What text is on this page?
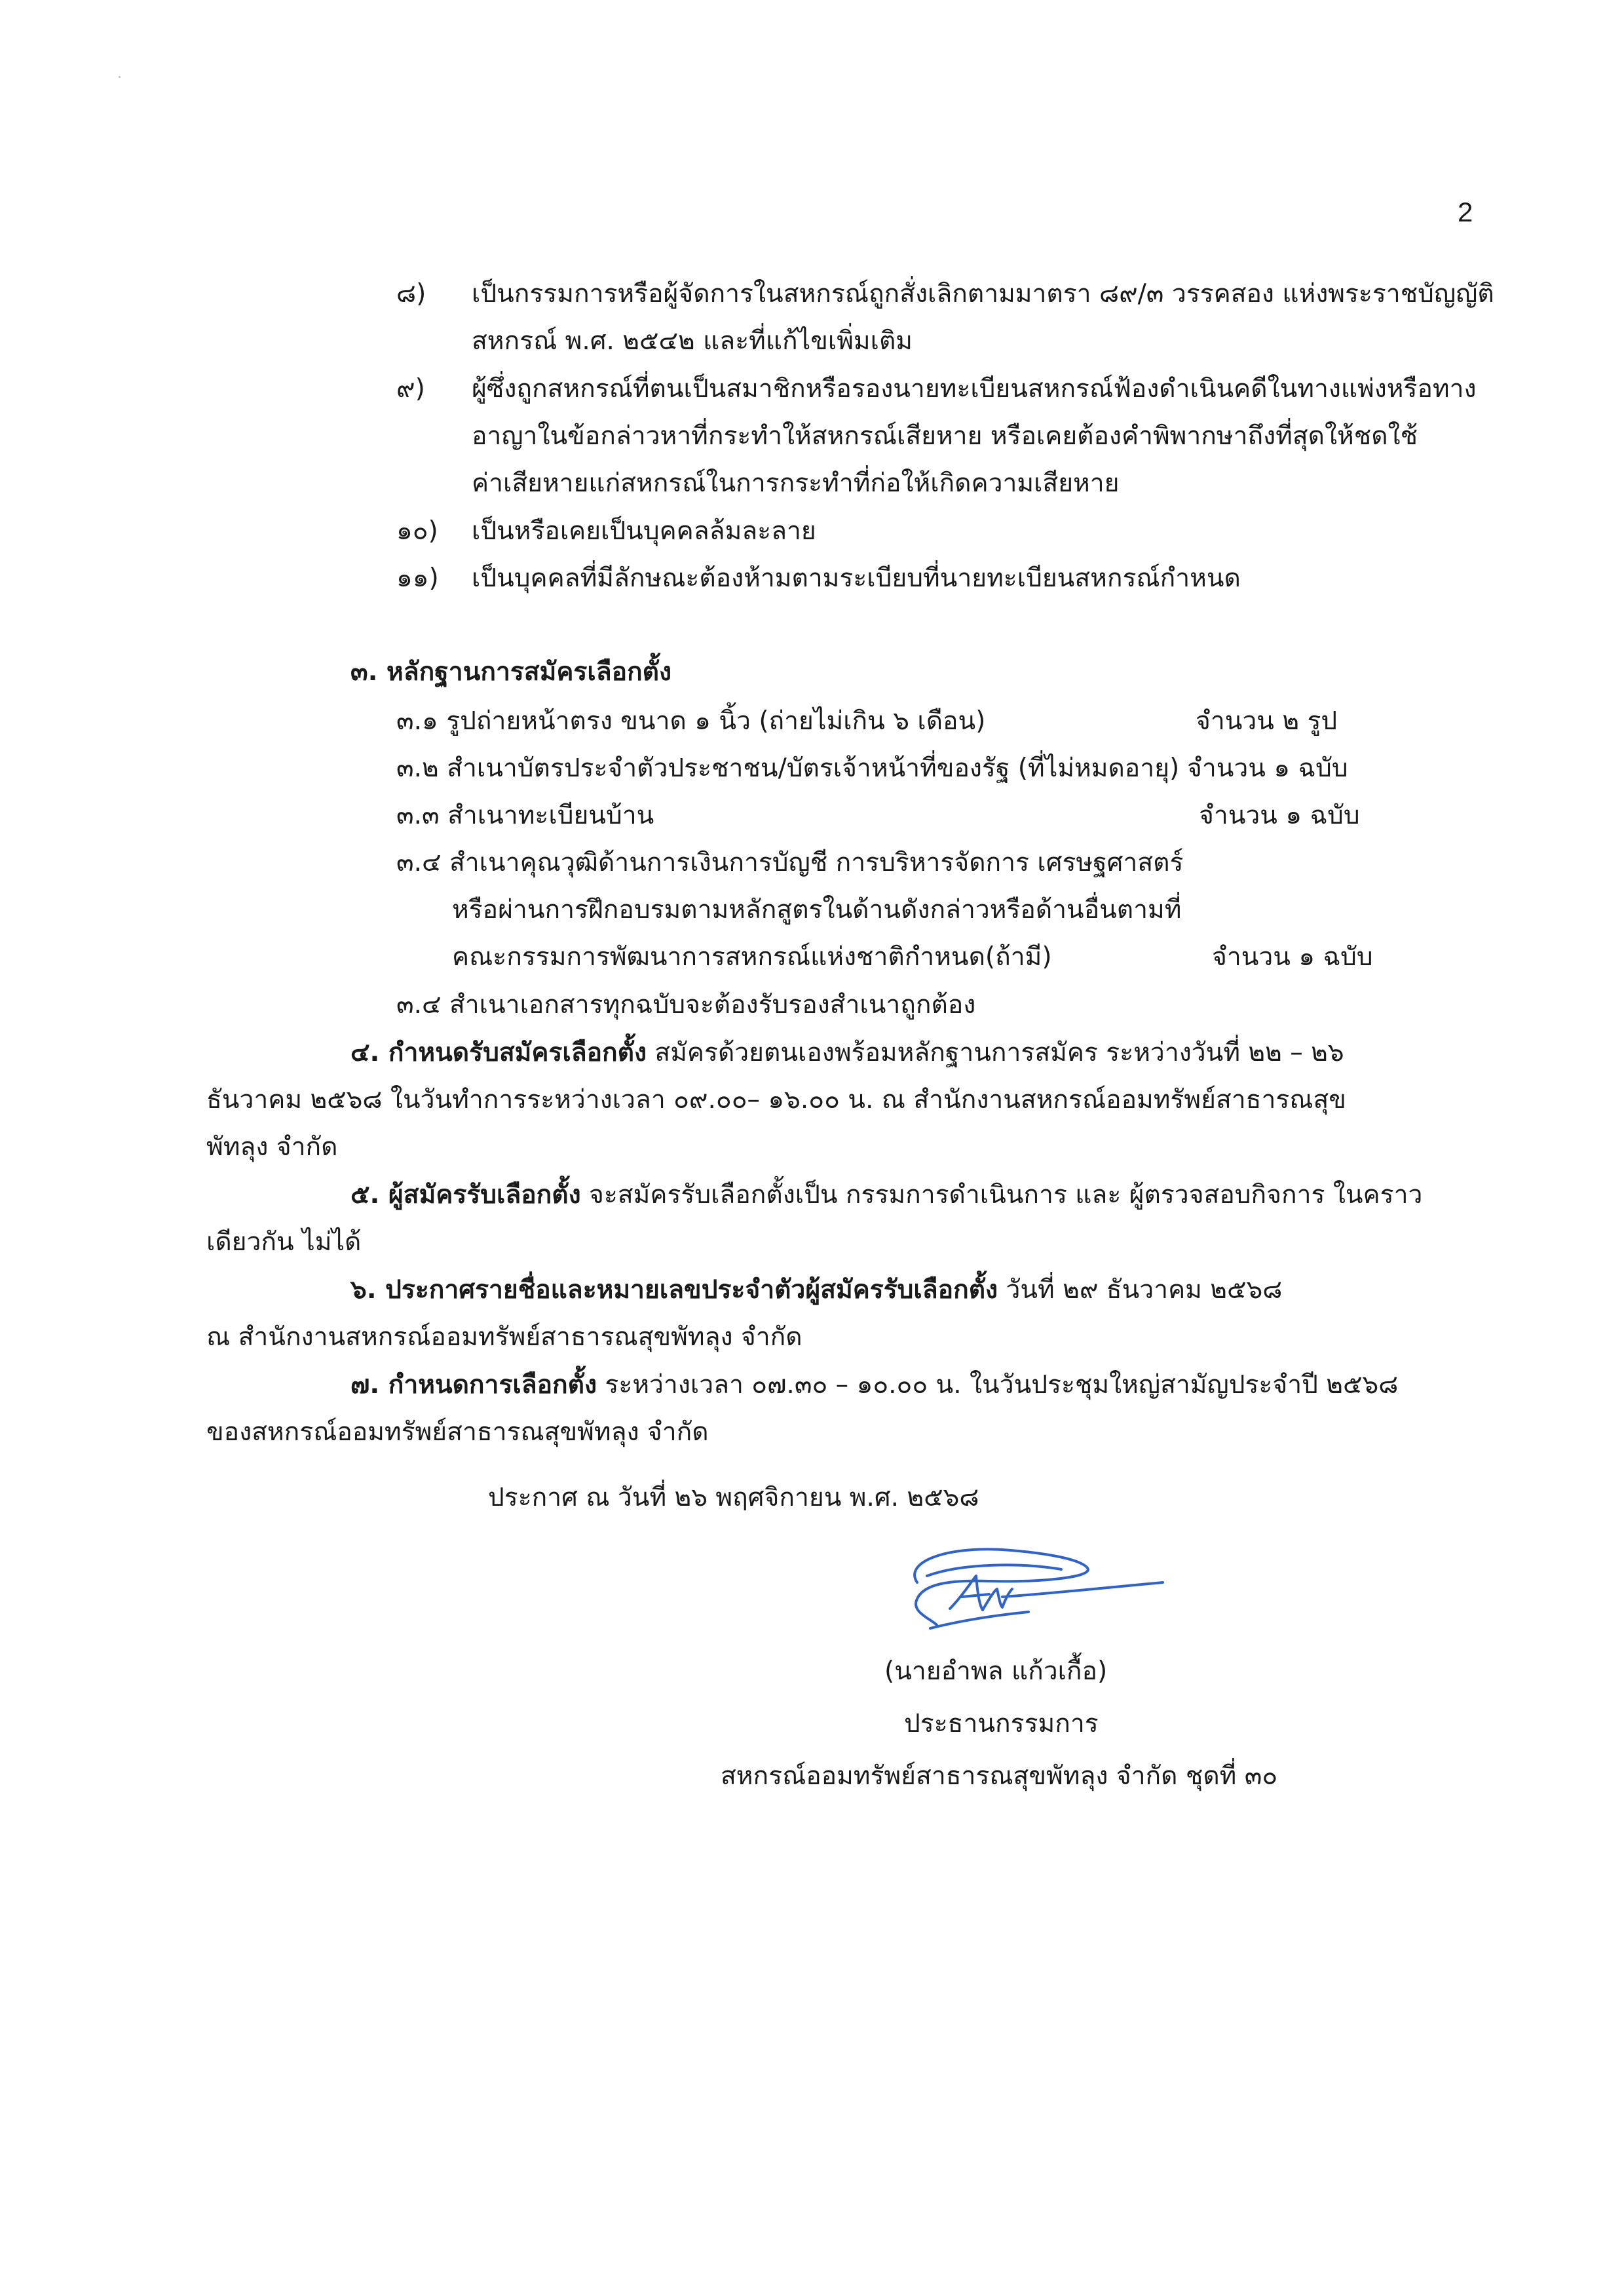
2
๘) เป็นกรรมการหรือผู้จัดการในสหกรณ์ถูกสั่งเลิกตามมาตรา ๘๙/๓ วรรคสอง แห่งพระราชบัญญัติ
สหกรณ์ พ.ศ. ๒๕๔๒ และที่แก้ไขเพิ่มเติม
๙) ผู้ซึ่งถูกสหกรณ์ที่ตนเป็นสมาชิกหรือรองนายทะเบียนสหกรณ์ฟ้องดำเนินคดีในทางแพ่งหรือทาง
อาญาในข้อกล่าวหาที่กระทำให้สหกรณ์เสียหาย หรือเคยต้องคำพิพากษาถึงที่สุดให้ชดใช้
ค่าเสียหายแก่สหกรณ์ในการกระทำที่ก่อให้เกิดความเสียหาย
๑๐) เป็นหรือเคยเป็นบุคคลล้มละลาย
๑๑) เป็นบุคคลที่มีลักษณะต้องห้ามตามระเบียบที่นายทะเบียนสหกรณ์กำหนด
๓. หลักฐานการสมัครเลือกตั้ง
๓.๑ รูปถ่ายหน้าตรง ขนาด ๑ นิ้ว (ถ่ายไม่เกิน ๖ เดือน)	จำนวน ๒ รูป
๓.๒ สำเนาบัตรประจำตัวประชาชน/บัตรเจ้าหน้าที่ของรัฐ (ที่ไม่หมดอายุ) จำนวน ๑ ฉบับ
๓.๓ สำเนาทะเบียนบ้าน	จำนวน ๑ ฉบับ
๓.๔ สำเนาคุณวุฒิด้านการเงินการบัญชี การบริหารจัดการ เศรษฐศาสตร์
หรือผ่านการฝึกอบรมตามหลักสูตรในด้านดังกล่าวหรือด้านอื่นตามที่
คณะกรรมการพัฒนาการสหกรณ์แห่งชาติกำหนด(ถ้ามี)	จำนวน ๑ ฉบับ
๓.๔ สำเนาเอกสารทุกฉบับจะต้องรับรองสำเนาถูกต้อง
๔. กำหนดรับสมัครเลือกตั้ง สมัครด้วยตนเองพร้อมหลักฐานการสมัคร ระหว่างวันที่ ๒๒ – ๒๖
ธันวาคม ๒๕๖๘ ในวันทำการระหว่างเวลา ๐๙.๐๐– ๑๖.๐๐ น. ณ สำนักงานสหกรณ์ออมทรัพย์สาธารณสุข
พัทลุง จำกัด
๕. ผู้สมัครรับเลือกตั้ง จะสมัครรับเลือกตั้งเป็น กรรมการดำเนินการ และ ผู้ตรวจสอบกิจการ ในคราว
เดียวกัน ไม่ได้
๖. ประกาศรายชื่อและหมายเลขประจำตัวผู้สมัครรับเลือกตั้ง วันที่ ๒๙ ธันวาคม ๒๕๖๘
ณ สำนักงานสหกรณ์ออมทรัพย์สาธารณสุขพัทลุง จำกัด
๗. กำหนดการเลือกตั้ง ระหว่างเวลา ๐๗.๓๐ – ๑๐.๐๐ น. ในวันประชุมใหญ่สามัญประจำปี ๒๕๖๘
ของสหกรณ์ออมทรัพย์สาธารณสุขพัทลุง จำกัด
ประกาศ ณ วันที่ ๒๖ พฤศจิกายน พ.ศ. ๒๕๖๘
(นายอำพล แก้วเกื้อ)
ประธานกรรมการ
สหกรณ์ออมทรัพย์สาธารณสุขพัทลุง จำกัด ชุดที่ ๓๐
